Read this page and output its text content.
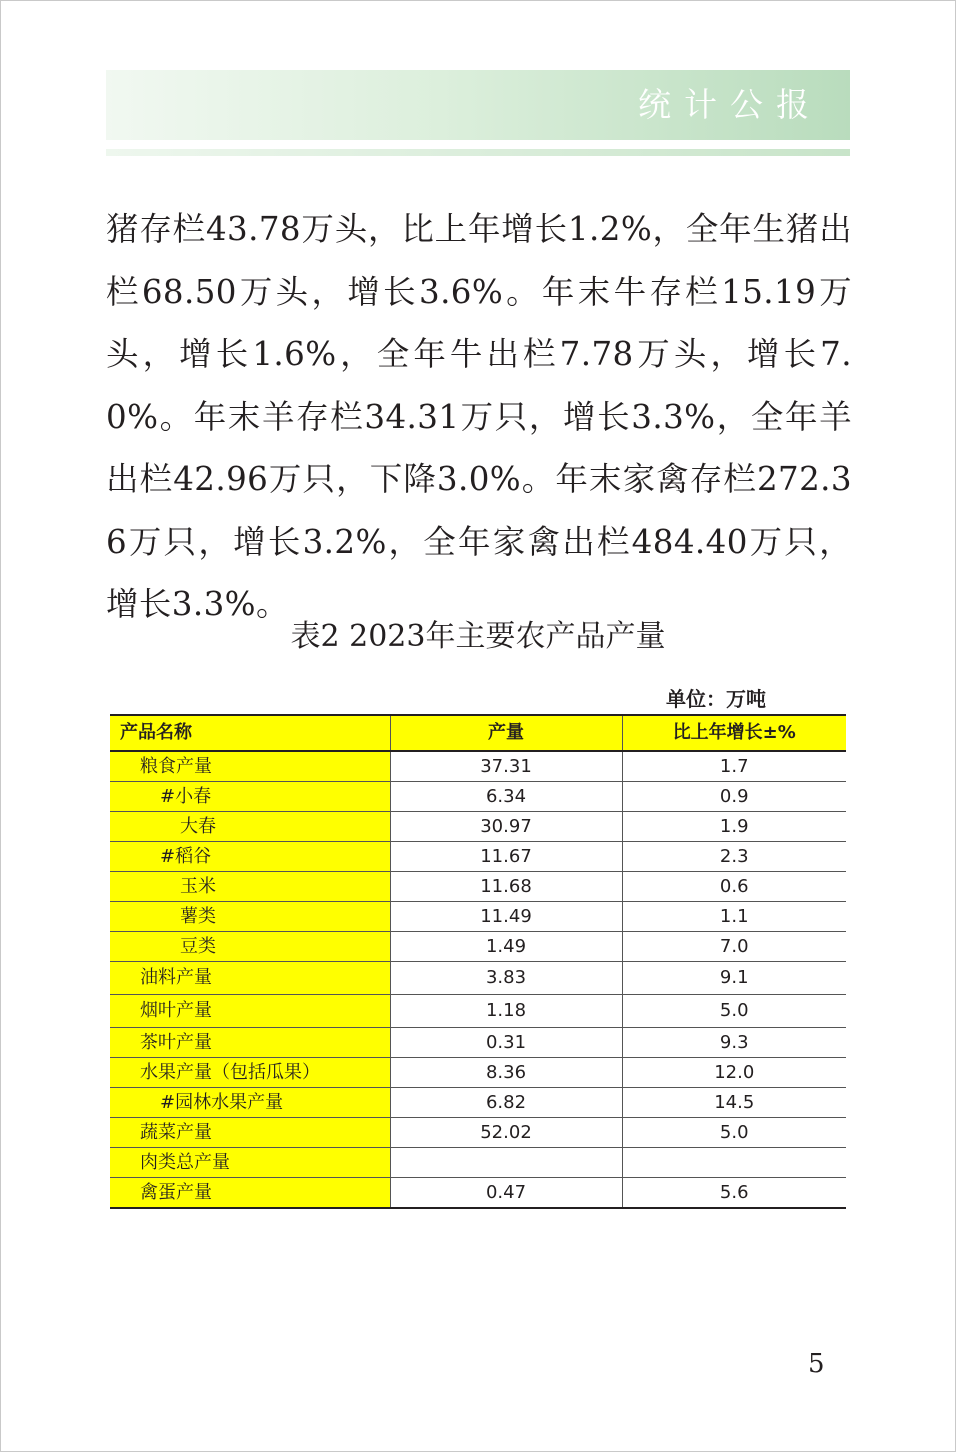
统计公报

猪存栏43.78万头，比上年增长1.2%，全年生猪出栏68.50万头，增长3.6%。年末牛存栏15.19万头，增长1.6%，全年牛出栏7.78万头，增长7.0%。年末羊存栏34.31万只，增长3.3%，全年羊出栏42.96万只，下降3.0%。年末家禽存栏272.36万只，增长3.2%，全年家禽出栏484.40万只，增长3.3%。

表2 2023年主要农产品产量
单位：万吨
产品名称	产量	比上年增长±%
粮食产量	37.31	1.7
#小春	6.34	0.9
大春	30.97	1.9
#稻谷	11.67	2.3
玉米	11.68	0.6
薯类	11.49	1.1
豆类	1.49	7.0
油料产量	3.83	9.1
烟叶产量	1.18	5.0
茶叶产量	0.31	9.3
水果产量（包括瓜果）	8.36	12.0
#园林水果产量	6.82	14.5
蔬菜产量	52.02	5.0
肉类总产量		
禽蛋产量	0.47	5.6
5
